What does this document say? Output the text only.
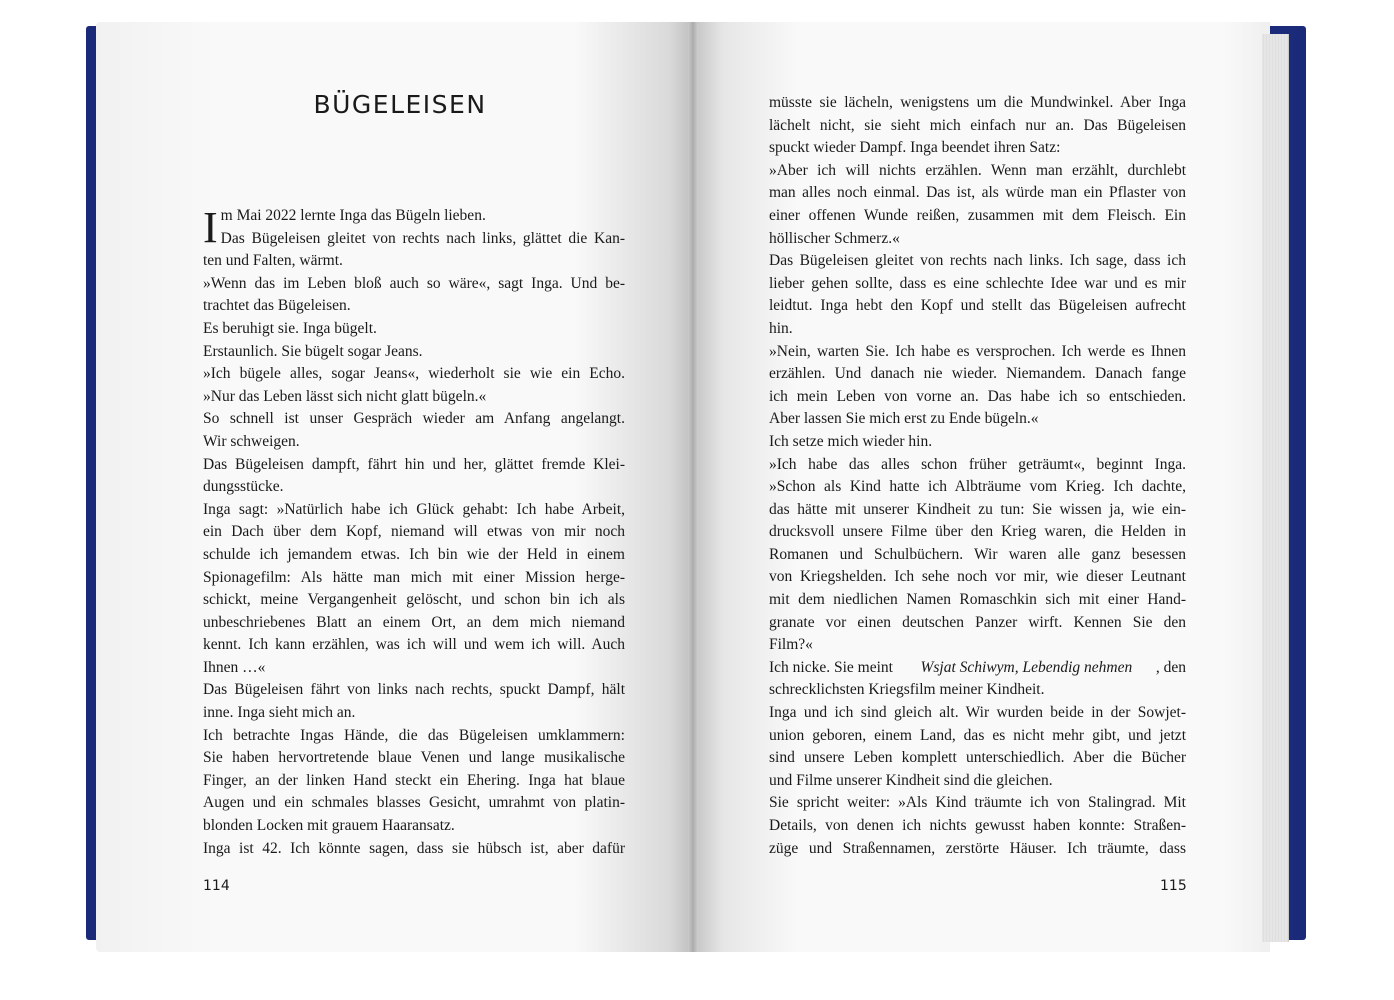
BÜGELEISEN
I m Mai 2022 lernte Inga das Bügeln lieben.
Das Bügeleisen gleitet von rechts nach links, glättet die Kan-
ten und Falten, wärmt.
»Wenn das im Leben bloß auch so wäre«, sagt Inga. Und be-
trachtet das Bügeleisen.
Es beruhigt sie. Inga bügelt.
Erstaunlich. Sie bügelt sogar Jeans.
»Ich bügele alles, sogar Jeans«, wiederholt sie wie ein Echo.
»Nur das Leben lässt sich nicht glatt bügeln.«
So schnell ist unser Gespräch wieder am Anfang angelangt.
Wir schweigen.
Das Bügeleisen dampft, fährt hin und her, glättet fremde Klei-
dungsstücke.
Inga sagt: »Natürlich habe ich Glück gehabt: Ich habe Arbeit,
ein Dach über dem Kopf, niemand will etwas von mir noch
schulde ich jemandem etwas. Ich bin wie der Held in einem
Spionagefilm: Als hätte man mich mit einer Mission herge-
schickt, meine Vergangenheit gelöscht, und schon bin ich als
unbeschriebenes Blatt an einem Ort, an dem mich niemand
kennt. Ich kann erzählen, was ich will und wem ich will. Auch
Ihnen …«
Das Bügeleisen fährt von links nach rechts, spuckt Dampf, hält
inne. Inga sieht mich an.
Ich betrachte Ingas Hände, die das Bügeleisen umklammern:
Sie haben hervortretende blaue Venen und lange musikalische
Finger, an der linken Hand steckt ein Ehering. Inga hat blaue
Augen und ein schmales blasses Gesicht, umrahmt von platin-
blonden Locken mit grauem Haaransatz.
Inga ist 42. Ich könnte sagen, dass sie hübsch ist, aber dafür
114
müsste sie lächeln, wenigstens um die Mundwinkel. Aber Inga
lächelt nicht, sie sieht mich einfach nur an. Das Bügeleisen
spuckt wieder Dampf. Inga beendet ihren Satz:
»Aber ich will nichts erzählen. Wenn man erzählt, durchlebt
man alles noch einmal. Das ist, als würde man ein Pflaster von
einer offenen Wunde reißen, zusammen mit dem Fleisch. Ein
höllischer Schmerz.«
Das Bügeleisen gleitet von rechts nach links. Ich sage, dass ich
lieber gehen sollte, dass es eine schlechte Idee war und es mir
leidtut. Inga hebt den Kopf und stellt das Bügeleisen aufrecht
hin.
»Nein, warten Sie. Ich habe es versprochen. Ich werde es Ihnen
erzählen. Und danach nie wieder. Niemandem. Danach fange
ich mein Leben von vorne an. Das habe ich so entschieden.
Aber lassen Sie mich erst zu Ende bügeln.«
Ich setze mich wieder hin.
»Ich habe das alles schon früher geträumt«, beginnt Inga.
»Schon als Kind hatte ich Albträume vom Krieg. Ich dachte,
das hätte mit unserer Kindheit zu tun: Sie wissen ja, wie ein-
drucksvoll unsere Filme über den Krieg waren, die Helden in
Romanen und Schulbüchern. Wir waren alle ganz besessen
von Kriegshelden. Ich sehe noch vor mir, wie dieser Leutnant
mit dem niedlichen Namen Romaschkin sich mit einer Hand-
granate vor einen deutschen Panzer wirft. Kennen Sie den
Film?«
Ich nicke. Sie meint Wsjat Schiwym, Lebendig nehmen , den
schrecklichsten Kriegsfilm meiner Kindheit.
Inga und ich sind gleich alt. Wir wurden beide in der Sowjet-
union geboren, einem Land, das es nicht mehr gibt, und jetzt
sind unsere Leben komplett unterschiedlich. Aber die Bücher
und Filme unserer Kindheit sind die gleichen.
Sie spricht weiter: »Als Kind träumte ich von Stalingrad. Mit
Details, von denen ich nichts gewusst haben konnte: Straßen-
züge und Straßennamen, zerstörte Häuser. Ich träumte, dass
115
